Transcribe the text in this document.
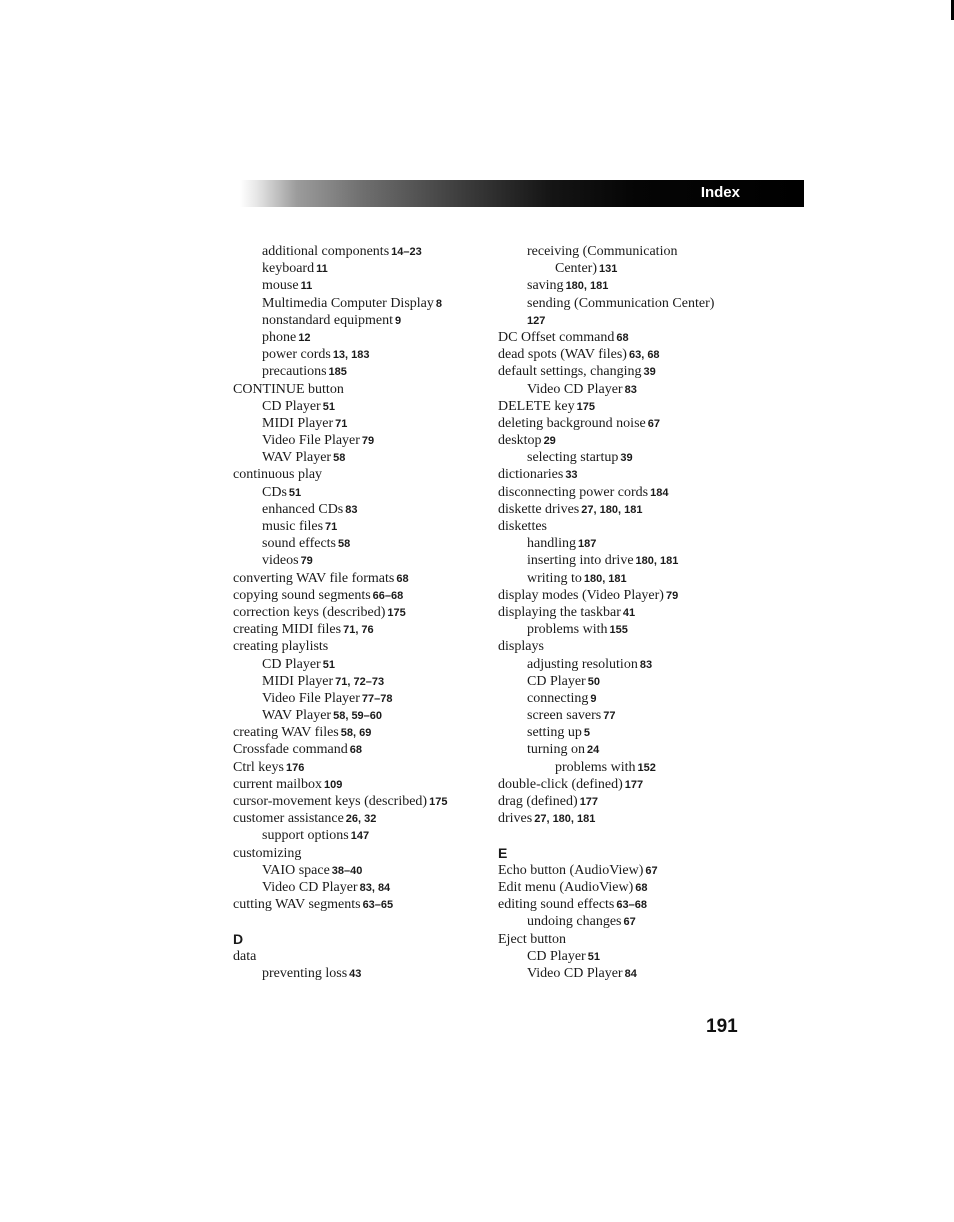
Index
additional components 14–23
keyboard 11
mouse 11
Multimedia Computer Display 8
nonstandard equipment 9
phone 12
power cords 13, 183
precautions 185
CONTINUE button
CD Player 51
MIDI Player 71
Video File Player 79
WAV Player 58
continuous play
CDs 51
enhanced CDs 83
music files 71
sound effects 58
videos 79
converting WAV file formats 68
copying sound segments 66–68
correction keys (described) 175
creating MIDI files 71, 76
creating playlists
CD Player 51
MIDI Player 71, 72–73
Video File Player 77–78
WAV Player 58, 59–60
creating WAV files 58, 69
Crossfade command 68
Ctrl keys 176
current mailbox 109
cursor-movement keys (described) 175
customer assistance 26, 32
support options 147
customizing
VAIO space 38–40
Video CD Player 83, 84
cutting WAV segments 63–65
D
data
preventing loss 43
receiving (Communication
Center) 131
saving 180, 181
sending (Communication Center)
127
DC Offset command 68
dead spots (WAV files) 63, 68
default settings, changing 39
Video CD Player 83
DELETE key 175
deleting background noise 67
desktop 29
selecting startup 39
dictionaries 33
disconnecting power cords 184
diskette drives 27, 180, 181
diskettes
handling 187
inserting into drive 180, 181
writing to 180, 181
display modes (Video Player) 79
displaying the taskbar 41
problems with 155
displays
adjusting resolution 83
CD Player 50
connecting 9
screen savers 77
setting up 5
turning on 24
problems with 152
double-click (defined) 177
drag (defined) 177
drives 27, 180, 181
E
Echo button (AudioView) 67
Edit menu (AudioView) 68
editing sound effects 63–68
undoing changes 67
Eject button
CD Player 51
Video CD Player 84
191
